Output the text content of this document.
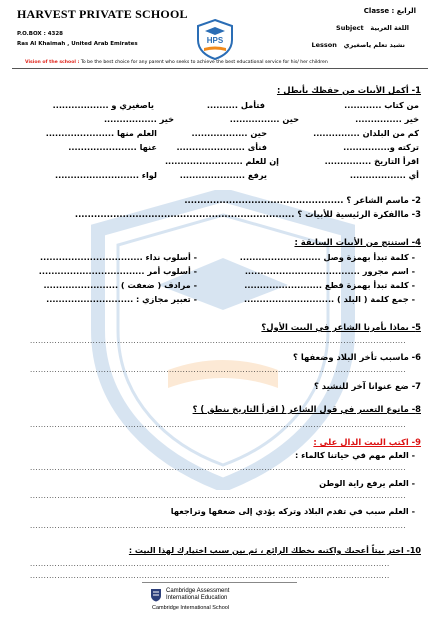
HARVEST PRIVATE SCHOOL
P.O.BOX : 4328
Ras Al Khaimah , United Arab Emirates	HPS
الرابع Classe :
اللغة العربية   Subject
نشيد تعلم ياصغيري   Lesson
Vision of the school : To be the best choice for any parent who seeks to achieve the best educational service for his/ her children
1- أكمل الأبيات من حفظك بأبطل :
من كتاب ............
فتأمل ..........
ياصغيري و ..................
خير ...............
حين ................
خير .................
كم من البلدان ...............
حين ..................
العلم منها ......................
تركته و...............
اقرأ التاريخ ...............
فنأى ......................
عنها ......................
إن للعلم .........................
أي ..................
يرفع .....................
لواء ...........................
2- ماسم الشاعر ؟ ..................................................
3- ماالفكرة الرئيسية للأبيات ؟ .....................................................................
4- استنتج من الأبيات السابقة :
- كلمة تبدأ بهمزة وصل ..........................
- اسم مجرور .....................................
- كلمة تبدأ بهمزة قطع .........................
- جمع كلمة ( البلد ) .............................
- أسلوب نداء .................................
- أسلوب أمر ..................................
- مرادف ( ضعفت ) ........................
- تعبير مجازي : ............................
5- بماذا يأمرنا الشاعر في البيت الأول؟
..........................................................................................................................................
6- ماسبب تأخر البلاد وضعفها ؟
..........................................................................................................................................
7- ضع عنوانا آخر للنشيد ؟
8- مانوع التعبير في قول الشاعر ( اقرأ التاريخ ينطق ) ؟
..........................................................................................................................................
9- اكتب البيت الدال على :
- العلم مهم في حياتنا كالماء :
..........................................................................................................................................
- العلم يرفع راية الوطن
..........................................................................................................................................
- العلم سبب في تقدم البلاد وتركه يؤدي إلى ضعفها وتراجعها
..........................................................................................................................................
10- اختر بيتاً أعجبك واكتبه بخطك الرائع ، ثم بين سبب اختيارك لهذا البيت :
....................................................................................................................................
....................................................................................................................................
Cambridge Assessment
International Education
Cambridge International School
